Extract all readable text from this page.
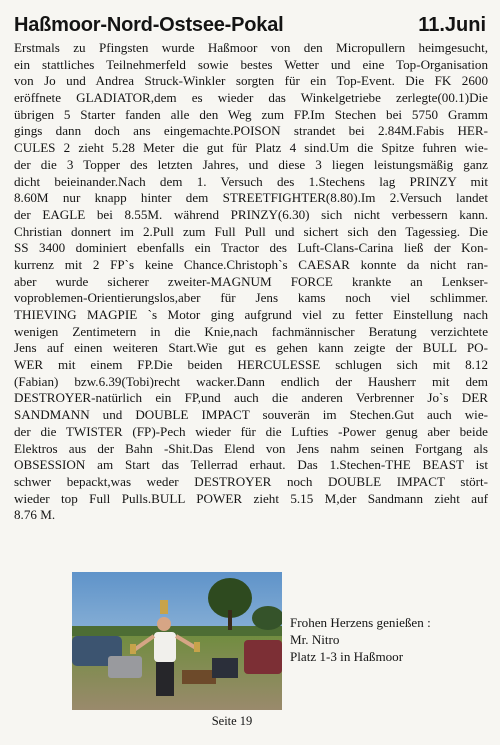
Haßmoor-Nord-Ostsee-Pokal	11.Juni
Erstmals zu Pfingsten wurde Haßmoor von den Micropullern heimgesucht,
ein stattliches Teilnehmerfeld sowie bestes Wetter und eine Top-Organisation
von Jo und Andrea Struck-Winkler sorgten für ein Top-Event. Die FK 2600
eröffnete GLADIATOR,dem es wieder das Winkelgetriebe zerlegte(00.1)Die
übrigen 5 Starter fanden alle den Weg zum FP.Im Stechen bei 5750 Gramm
gings dann doch ans eingemachte.POISON strandet bei 2.84M.Fabis HER-
CULES 2 zieht 5.28 Meter die gut für Platz 4 sind.Um die Spitze fuhren wie-
der die 3 Topper des letzten Jahres, und diese 3 liegen leistungsmäßig ganz
dicht beieinander.Nach dem 1. Versuch des 1.Stechens lag PRINZY mit
8.60M nur knapp hinter dem STREETFIGHTER(8.80).Im 2.Versuch landet
der EAGLE bei 8.55M. während PRINZY(6.30) sich nicht verbessern kann.
Christian donnert im 2.Pull zum Full Pull und sichert sich den Tagessieg. Die
SS 3400 dominiert ebenfalls ein Tractor des Luft-Clans-Carina ließ der Kon-
kurrenz mit 2 FP`s keine Chance.Christoph`s CAESAR konnte da nicht ran-
aber wurde sicherer zweiter-MAGNUM FORCE krankte an Lenkser-
voproblemen-Orientierungslos,aber für Jens kams noch viel schlimmer.
THIEVING MAGPIE `s Motor ging aufgrund viel zu fetter Einstellung nach
wenigen Zentimetern in die Knie,nach fachmännischer Beratung verzichtete
Jens auf einen weiteren Start.Wie gut es gehen kann zeigte der BULL PO-
WER mit einem FP.Die beiden HERCULESSE schlugen sich mit 8.12
(Fabian) bzw.6.39(Tobi)recht wacker.Dann endlich der Hausherr mit dem
DESTROYER-natürlich ein FP,und auch die anderen Verbrenner Jo`s DER
SANDMANN und DOUBLE IMPACT souverän im Stechen.Gut auch wie-
der die TWISTER (FP)-Pech wieder für die Lufties -Power genug aber beide
Elektros aus der Bahn -Shit.Das Elend von Jens nahm seinen Fortgang als
OBSESSION am Start das Tellerrad erhaut. Das 1.Stechen-THE BEAST ist
schwer bepackt,was weder DESTROYER noch DOUBLE IMPACT stört-
wieder top Full Pulls.BULL POWER zieht 5.15 M,der Sandmann zieht auf
8.76 M.
Frohen Herzens genießen :
Mr. Nitro
Platz 1-3 in Haßmoor
Seite 19
